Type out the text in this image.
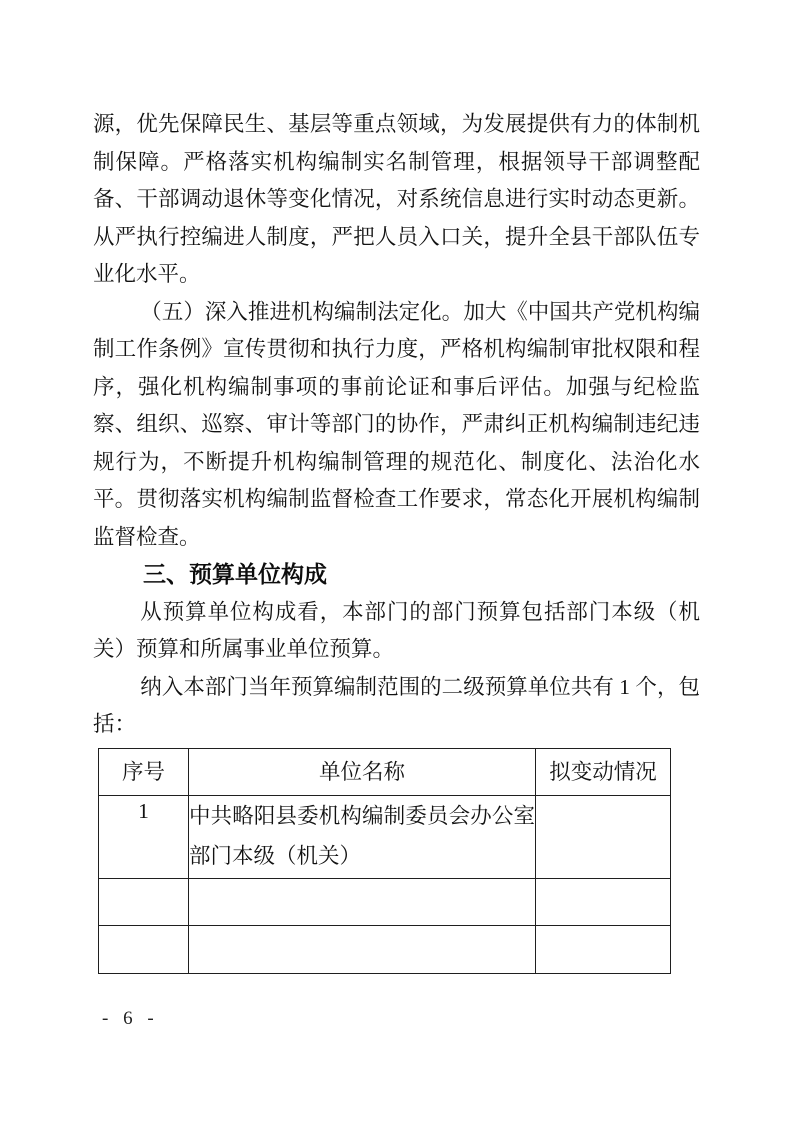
源，优先保障民生、基层等重点领域，为发展提供有力的体制机制保障。严格落实机构编制实名制管理，根据领导干部调整配备、干部调动退休等变化情况，对系统信息进行实时动态更新。从严执行控编进人制度，严把人员入口关，提升全县干部队伍专业化水平。

（五）深入推进机构编制法定化。加大《中国共产党机构编制工作条例》宣传贯彻和执行力度，严格机构编制审批权限和程序，强化机构编制事项的事前论证和事后评估。加强与纪检监察、组织、巡察、审计等部门的协作，严肃纠正机构编制违纪违规行为，不断提升机构编制管理的规范化、制度化、法治化水平。贯彻落实机构编制监督检查工作要求，常态化开展机构编制监督检查。

三、预算单位构成

从预算单位构成看，本部门的部门预算包括部门本级（机关）预算和所属事业单位预算。

纳入本部门当年预算编制范围的二级预算单位共有 1 个，包括：

序号	单位名称	拟变动情况
1	中共略阳县委机构编制委员会办公室部门本级（机关）	

- 6 -
